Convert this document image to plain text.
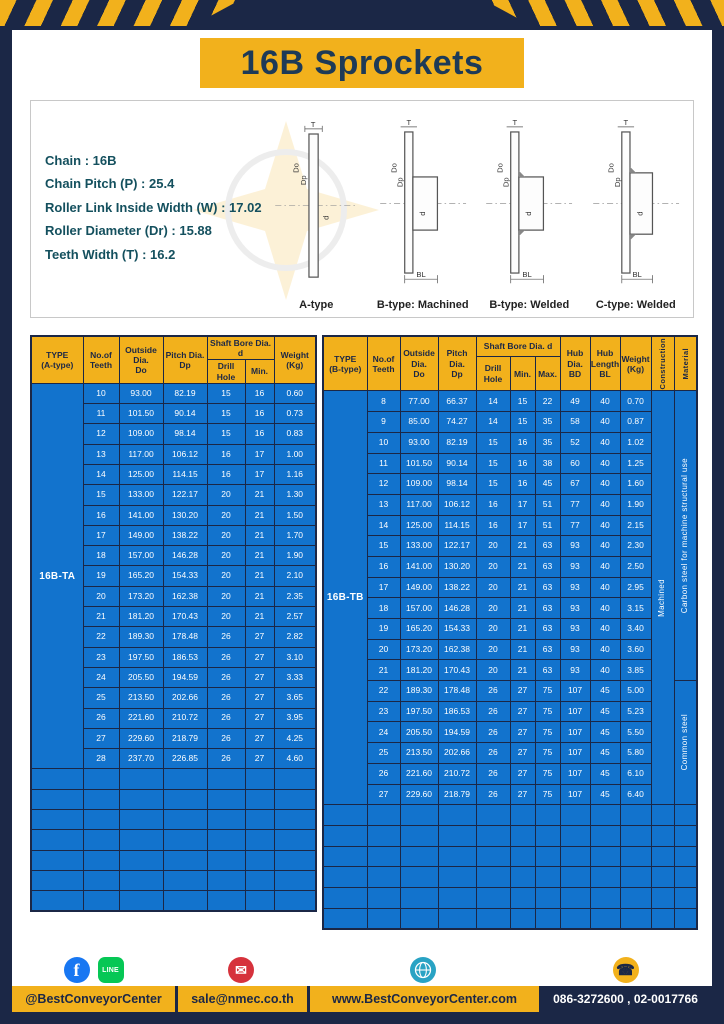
16B Sprockets
Chain : 16B
Chain Pitch (P) : 25.4
Roller Link Inside Width (W) : 17.02
Roller Diameter (Dr) : 15.88
Teeth Width (T) : 16.2
T
Do
Dp
d
A-type
T
Do
Dp
d
BL
B-type: Machined
T
Do
Dp
d
BL
B-type: Welded
T
Do
Dp
d
BL
C-type: Welded
TYPE
(A-type)	No.of
Teeth	Outside
Dia.
Do	Pitch Dia.
Dp	Shaft Bore Dia. d		Weight
(Kg)
				Drill Hole	Min.	
16B-TA	10	93.00	82.19	15	16	0.60
	11	101.50	90.14	15	16	0.73
	12	109.00	98.14	15	16	0.83
	13	117.00	106.12	16	17	1.00
	14	125.00	114.15	16	17	1.16
	15	133.00	122.17	20	21	1.30
	16	141.00	130.20	20	21	1.50
	17	149.00	138.22	20	21	1.70
	18	157.00	146.28	20	21	1.90
	19	165.20	154.33	20	21	2.10
	20	173.20	162.38	20	21	2.35
	21	181.20	170.43	20	21	2.57
	22	189.30	178.48	26	27	2.82
	23	197.50	186.53	26	27	3.10
	24	205.50	194.59	26	27	3.33
	25	213.50	202.66	26	27	3.65
	26	221.60	210.72	26	27	3.95
	27	229.60	218.79	26	27	4.25
	28	237.70	226.85	26	27	4.60

TYPE
(B-type)	No.of
Teeth	Outside
Dia.
Do	Pitch Dia.
Dp	Shaft Bore Dia. d			Hub Dia.
BD	Hub
Length
BL	Weight
(Kg)	Construction	Material

				Drill Hole	Min.	Max.					
16B-TB	8	77.00	66.37	14	15	22	49	40	0.70	Machined	Carbon steel for machine structural use

	9	85.00	74.27	14	15	35	58	40	0.87		
	10	93.00	82.19	15	16	35	52	40	1.02		
	11	101.50	90.14	15	16	38	60	40	1.25		
	12	109.00	98.14	15	16	45	67	40	1.60		
	13	117.00	106.12	16	17	51	77	40	1.90		
	14	125.00	114.15	16	17	51	77	40	2.15		
	15	133.00	122.17	20	21	63	93	40	2.30		
	16	141.00	130.20	20	21	63	93	40	2.50		
	17	149.00	138.22	20	21	63	93	40	2.95		
	18	157.00	146.28	20	21	63	93	40	3.15		
	19	165.20	154.33	20	21	63	93	40	3.40		
	20	173.20	162.38	20	21	63	93	40	3.60		
	21	181.20	170.43	20	21	63	93	40	3.85		
	22	189.30	178.48	26	27	75	107	45	5.00		Common steel

	23	197.50	186.53	26	27	75	107	45	5.23		
	24	205.50	194.59	26	27	75	107	45	5.50		
	25	213.50	202.66	26	27	75	107	45	5.80		
	26	221.60	210.72	26	27	75	107	45	6.10		
	27	229.60	218.79	26	27	75	107	45	6.40		

f	LINE	✉	☎
@BestConveyorCenter	sale@nmec.co.th	www.BestConveyorCenter.com	086-3272600 , 02-0017766
